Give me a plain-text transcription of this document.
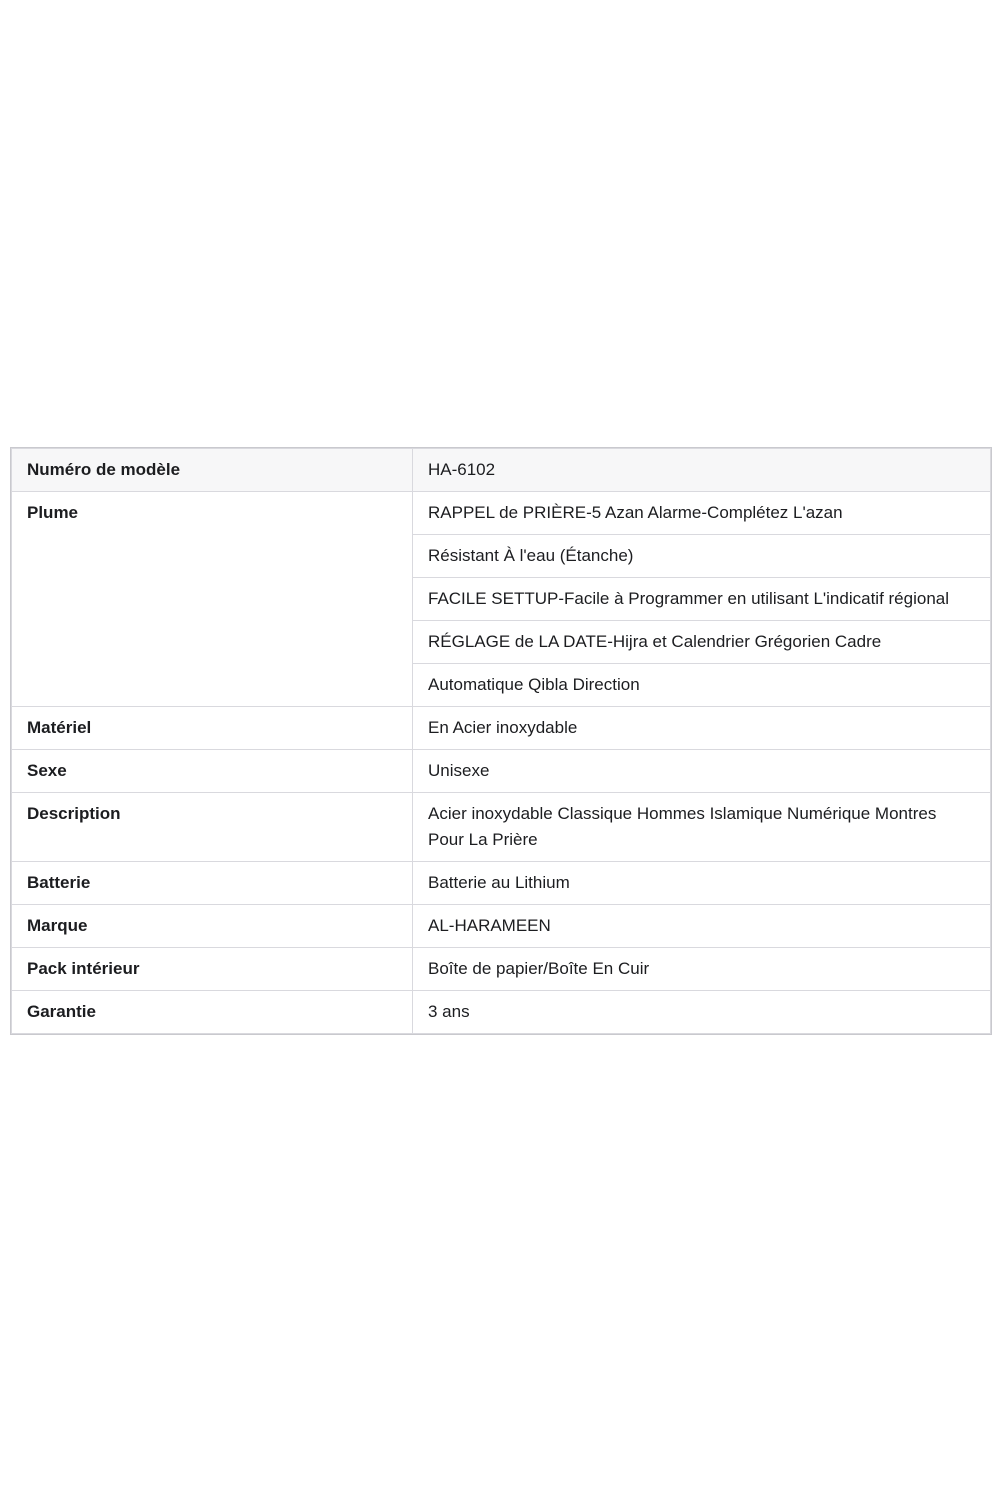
Numéro de modèle	HA-6102
Plume	RAPPEL de PRIÈRE-5 Azan Alarme-Complétez L'azan
	Résistant À l'eau (Étanche)
	FACILE SETTUP-Facile à Programmer en utilisant L'indicatif régional
	RÉGLAGE de LA DATE-Hijra et Calendrier Grégorien Cadre
	Automatique Qibla Direction
Matériel	En Acier inoxydable
Sexe	Unisexe
Description	Acier inoxydable Classique Hommes Islamique Numérique Montres Pour La Prière
Batterie	Batterie au Lithium
Marque	AL-HARAMEEN
Pack intérieur	Boîte de papier/Boîte En Cuir
Garantie	3 ans
